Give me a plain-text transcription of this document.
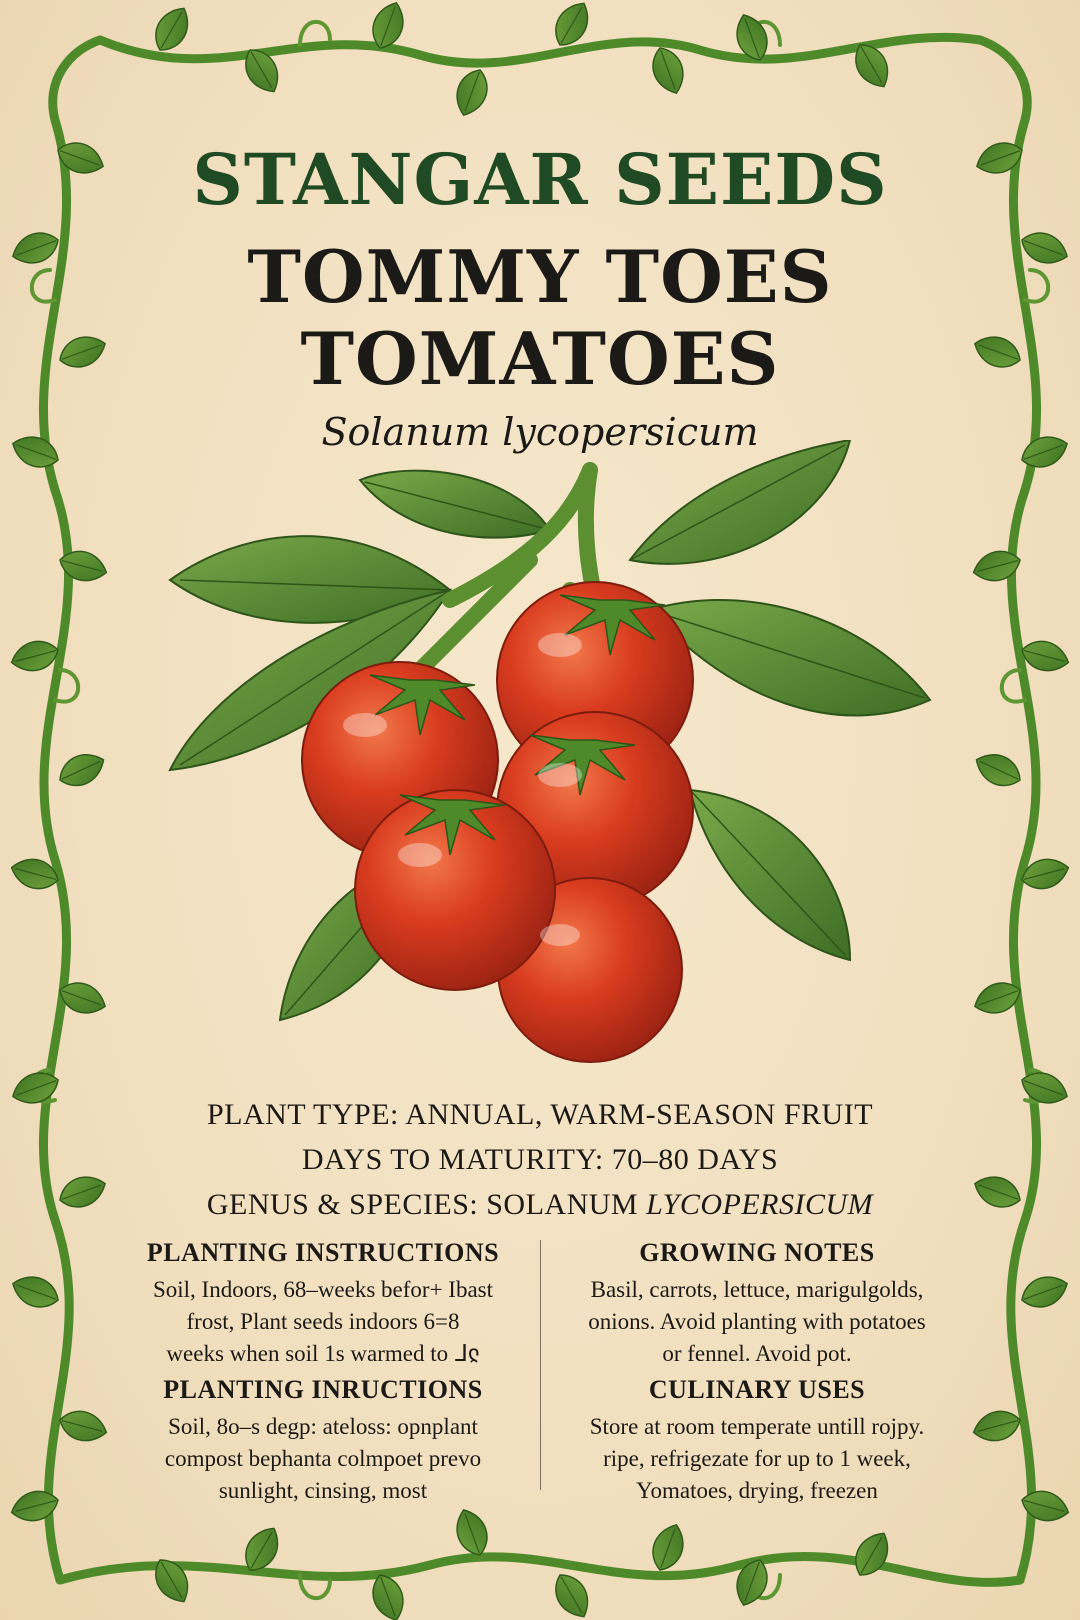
STANGAR SEEDS
TOMMY TOES
TOMATOES
Solanum lycopersicum
PLANT TYPE: ANNUAL, WARM-SEASON FRUIT
DAYS TO MATURITY: 70–80 DAYS
GENUS & SPECIES: SOLANUM LYCOPERSICUM
PLANTING INSTRUCTIONS

Soil, Indoors, 68–weeks befor+ Ibast
frost, Plant seeds indoors 6=8
weeks when soil 1s warmed to ᒧჺ

PLANTING INRUCTIONS

Soil, 8o–s degp: ateloss: opnplant
compost bephanta colmpoet prevo
sunlight, cinsing, most

GROWING NOTES

Basil, carrots, lettuce, marigulgolds,
onions. Avoid planting with potatoes
or fennel. Avoid pot.

CULINARY USES

Store at room temperate untill rojpy.
ripe, refrigezate for up to 1 week,
Yomatoes, drying, freezen
